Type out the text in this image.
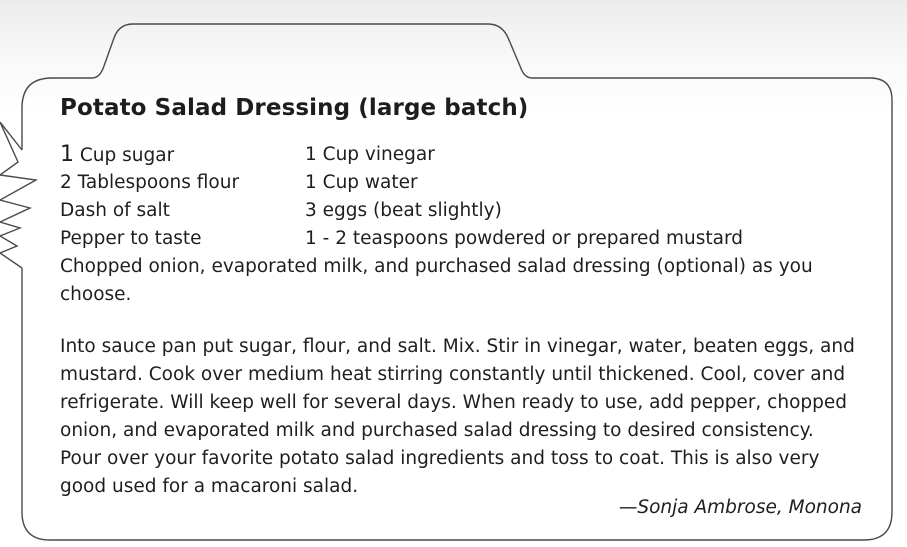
Potato Salad Dressing (large batch)
1 Cup sugar	1 Cup vinegar
2 Tablespoons flour	1 Cup water
Dash of salt	3 eggs (beat slightly)
Pepper to taste	1 - 2 teaspoons powdered or prepared mustard

Chopped onion, evaporated milk, and purchased salad dressing (optional) as you choose.

Into sauce pan put sugar, flour, and salt. Mix. Stir in vinegar, water, beaten eggs, and mustard. Cook over medium heat stirring constantly until thickened. Cool, cover and refrigerate. Will keep well for several days. When ready to use, add pepper, chopped onion, and evaporated milk and purchased salad dressing to desired consistency. Pour over your favorite potato salad ingredients and toss to coat. This is also very good used for a macaroni salad.

—Sonja Ambrose, Monona
